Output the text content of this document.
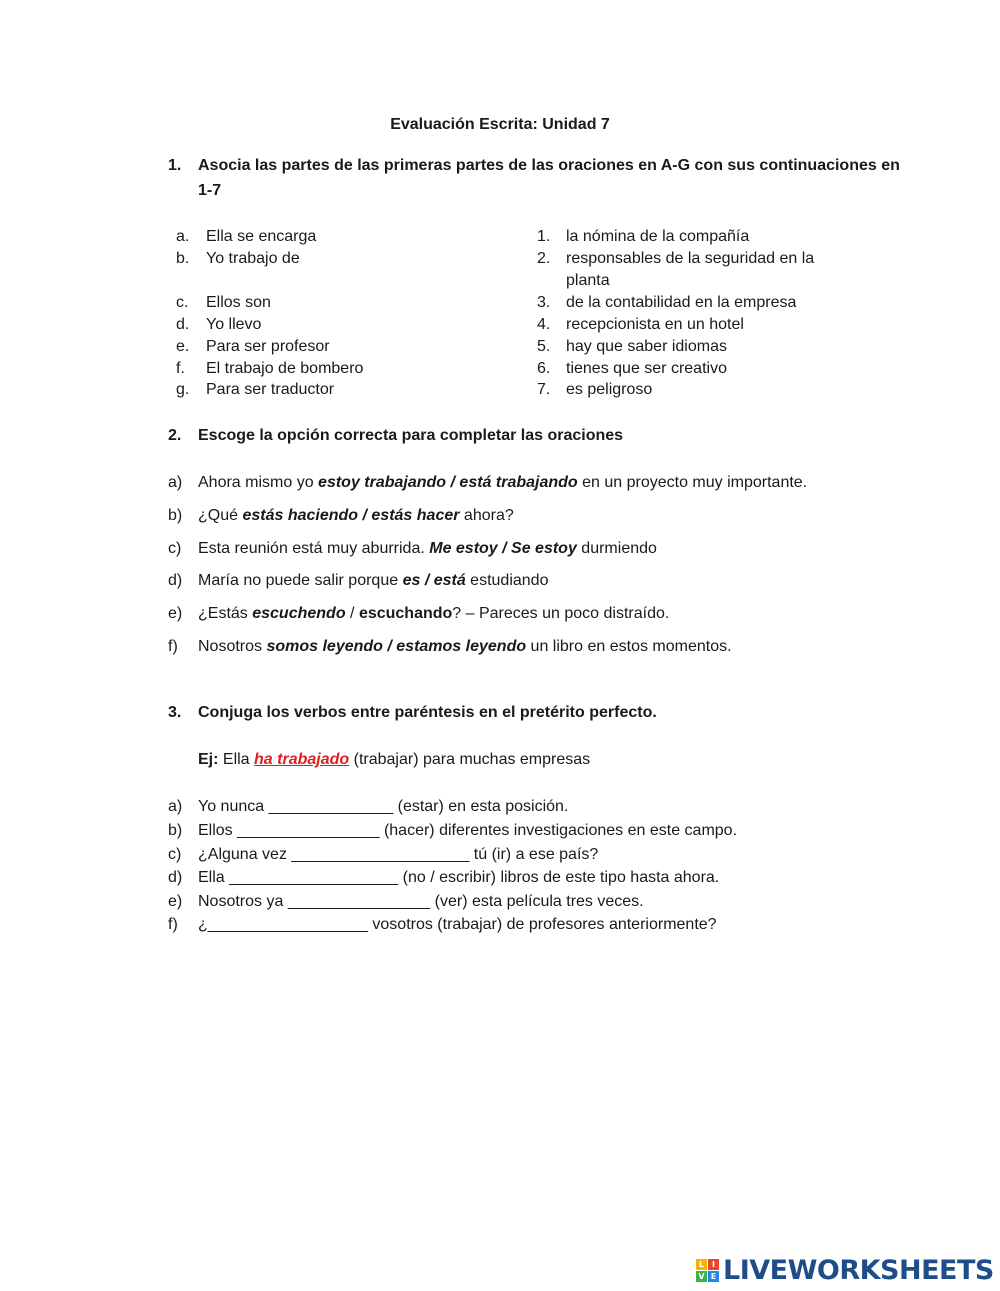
Evaluación Escrita: Unidad 7
1. Asocia las partes de las primeras partes de las oraciones en A-G con sus continuaciones en
1-7
a. Ella se encarga
b. Yo trabajo de
c. Ellos son
d. Yo llevo
e. Para ser profesor
f. El trabajo de bombero
g. Para ser traductor
1. la nómina de la compañía
2. responsables de la seguridad en la
planta
3. de la contabilidad en la empresa
4. recepcionista en un hotel
5. hay que saber idiomas
6. tienes que ser creativo
7. es peligroso
2. Escoge la opción correcta para completar las oraciones
a) Ahora mismo yo estoy trabajando / está trabajando en un proyecto muy importante.
b) ¿Qué estás haciendo / estás hacer ahora?
c) Esta reunión está muy aburrida. Me estoy / Se estoy durmiendo
d) María no puede salir porque es / está estudiando
e) ¿Estás escuchendo / escuchando? – Pareces un poco distraído.
f) Nosotros somos leyendo / estamos leyendo un libro en estos momentos.
3. Conjuga los verbos entre paréntesis en el pretérito perfecto.
Ej: Ella ha trabajado (trabajar) para muchas empresas
a) Yo nunca ______________ (estar) en esta posición.
b) Ellos ________________ (hacer) diferentes investigaciones en este campo.
c) ¿Alguna vez ____________________ tú (ir) a ese país?
d) Ella ___________________ (no / escribir) libros de este tipo hasta ahora.
e) Nosotros ya ________________ (ver) esta película tres veces.
f) ¿__________________ vosotros (trabajar) de profesores anteriormente?
L I
V E LIVEWORKSHEETS
